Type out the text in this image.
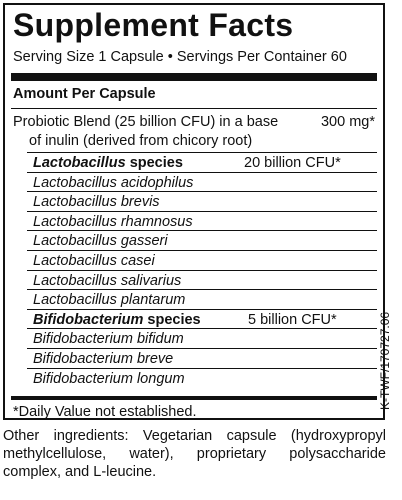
Supplement Facts
Serving Size 1 Capsule • Servings Per Container 60
Amount Per Capsule
Probiotic Blend (25 billion CFU) in a base
of inulin (derived from chicory root)
300 mg*
Lactobacillus species	20 billion CFU*
Lactobacillus acidophilus
Lactobacillus brevis
Lactobacillus rhamnosus
Lactobacillus gasseri
Lactobacillus casei
Lactobacillus salivarius
Lactobacillus plantarum
Bifidobacterium species	5 billion CFU*
Bifidobacterium bifidum
Bifidobacterium breve
Bifidobacterium longum
*Daily Value not established.
K-TWF/170727.06
Other ingredients: Vegetarian capsule (hydroxypropyl methylcellulose, water), proprietary polysaccharide complex, and L-leucine.
